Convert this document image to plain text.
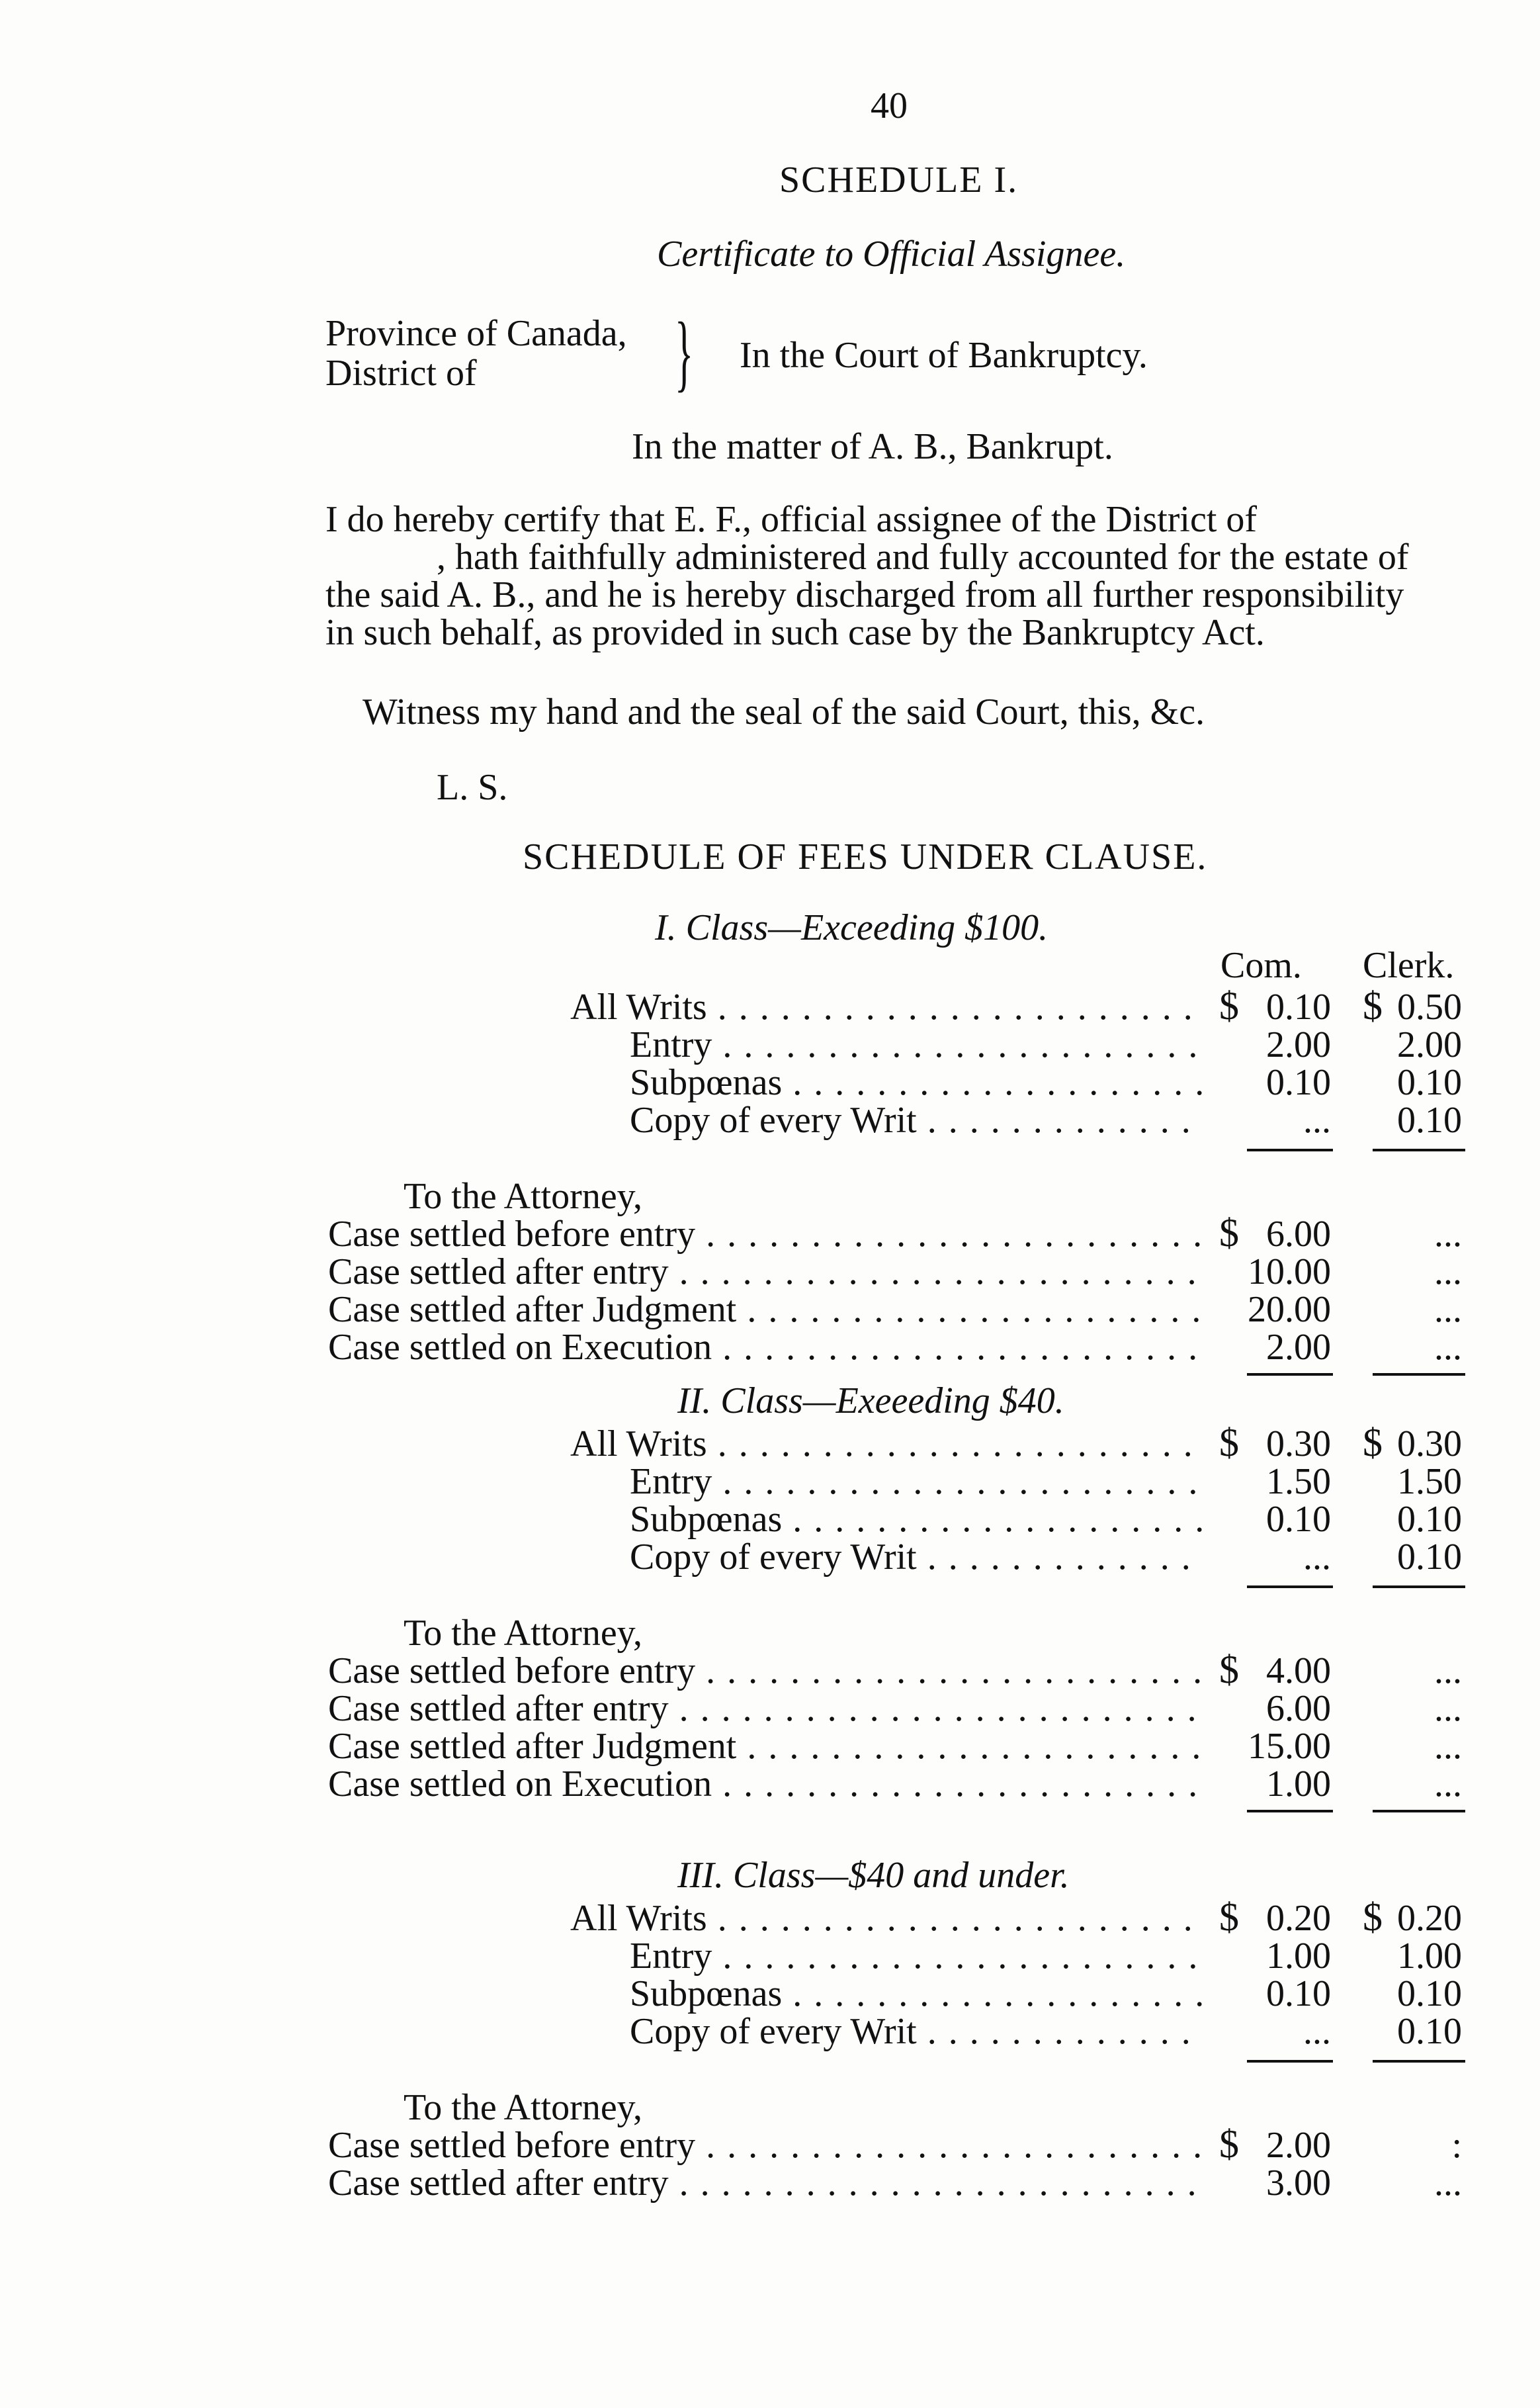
40
SCHEDULE I.
Certificate to Official Assignee.
Province of Canada,
District of } In the Court of Bankruptcy.
In the matter of A. B., Bankrupt.
I do hereby certify that E. F., official assignee of the District of
, hath faithfully administered and fully accounted for the estate of
the said A. B., and he is hereby discharged from all further responsibility
in such behalf, as provided in such case by the Bankruptcy Act.
Witness my hand and the seal of the said Court, this, &c.
L. S.
SCHEDULE OF FEES UNDER CLAUSE.
I. Class—Exceeding $100.
Com. Clerk.
All Writs . . .	$ 0.10 $ 0.50
Entry . . .	2.00 2.00
Subpœnas . . .	0.10 0.10
Copy of every Writ . . .	... 0.10
To the Attorney,
Case settled before entry . . .	$ 6.00	...
Case settled after entry . . .	10.00	...
Case settled after Judgment . . .	20.00	...
Case settled on Execution . . .	2.00	...
II. Class—Exeeeding $40.
All Writs . . .	$ 0.30 $ 0.30
Entry . . .	1.50 1.50
Subpœnas . . .	0.10 0.10
Copy of every Writ . . .	... 0.10
To the Attorney,
Case settled before entry . . .	$ 4.00	...
Case settled after entry . . .	6.00	...
Case settled after Judgment . . .	15.00	...
Case settled on Execution . . .	1.00	...
III. Class—$40 and under.
All Writs . . .	$ 0.20 $ 0.20
Entry . . .	1.00 1.00
Subpœnas . . .	0.10 0.10
Copy of every Writ . . .	... 0.10
To the Attorney,
Case settled before entry . . .	$ 2.00	:
Case settled after entry . . .	3.00	...
